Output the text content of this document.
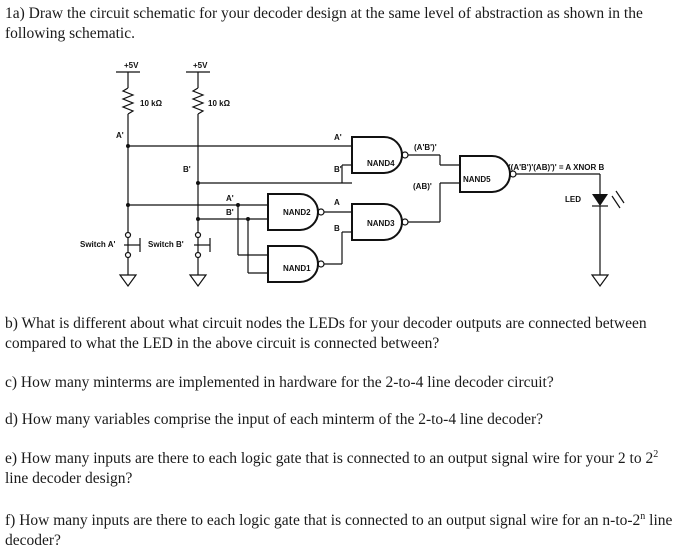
1a) Draw the circuit schematic for your decoder design at the same level of abstraction as shown in the following schematic.

+5V
10 kΩ
A'
+5V
10 kΩ
B'
Switch A'	Switch B'
A'
B'	NAND2
NAND1
A
B
NAND4
A'
B'
NAND3
(A'B')'
(AB)'
NAND5
((A'B')'(AB)')' = A XNOR B
LED

b) What is different about what circuit nodes the LEDs for your decoder outputs are connected between compared to what the LED in the above circuit is connected between?

c) How many minterms are implemented in hardware for the 2-to-4 line decoder circuit?

d) How many variables comprise the input of each minterm of the 2-to-4 line decoder?

e) How many inputs are there to each logic gate that is connected to an output signal wire for your 2 to $2^2$ line decoder design?

f) How many inputs are there to each logic gate that is connected to an output signal wire for an n-to-2$^n$ line decoder?
